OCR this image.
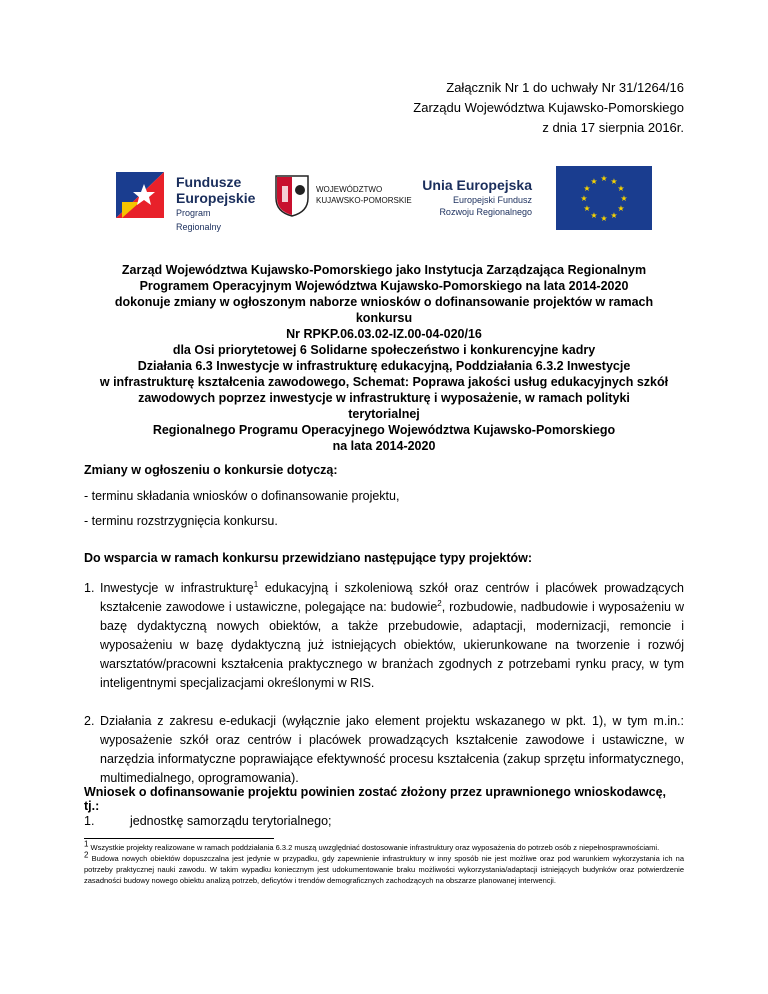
Załącznik Nr 1 do uchwały Nr 31/1264/16
Zarządu Województwa Kujawsko-Pomorskiego
z dnia 17 sierpnia 2016r.
Fundusze
Europejskie
Program Regionalny
WOJEWÓDZTWO
KUJAWSKO-POMORSKIE
Unia Europejska
Europejski Fundusz
Rozwoju Regionalnego
★ ★
★
★
★
★
★
★
★
★
★
★
Zarząd Województwa Kujawsko-Pomorskiego jako Instytucja Zarządzająca Regionalnym
Programem Operacyjnym Województwa Kujawsko-Pomorskiego na lata 2014-2020
dokonuje zmiany w ogłoszonym naborze wniosków o dofinansowanie projektów w ramach
konkursu
Nr RPKP.06.03.02-IZ.00-04-020/16
dla Osi priorytetowej 6 Solidarne społeczeństwo i konkurencyjne kadry
Działania 6.3 Inwestycje w infrastrukturę edukacyjną, Poddziałania 6.3.2 Inwestycje
w infrastrukturę kształcenia zawodowego, Schemat: Poprawa jakości usług edukacyjnych szkół
zawodowych poprzez inwestycje w infrastrukturę i wyposażenie, w ramach polityki
terytorialnej
Regionalnego Programu Operacyjnego Województwa Kujawsko-Pomorskiego
na lata 2014-2020
Zmiany w ogłoszeniu o konkursie dotyczą:
- terminu składania wniosków o dofinansowanie projektu,
- terminu rozstrzygnięcia konkursu.
Do wsparcia w ramach konkursu przewidziano następujące typy projektów:
1. Inwestycje w infrastrukturę$^1$ edukacyjną i szkoleniową szkół oraz centrów i placówek prowadzących kształcenie zawodowe i ustawiczne, polegające na: budowie$^2$, rozbudowie, nadbudowie i wyposażeniu w bazę dydaktyczną nowych obiektów, a także przebudowie, adaptacji, modernizacji, remoncie i wyposażeniu w bazę dydaktyczną już istniejących obiektów, ukierunkowane na tworzenie i rozwój warsztatów/pracowni kształcenia praktycznego w branżach zgodnych z potrzebami rynku pracy, w tym inteligentnymi specjalizacjami określonymi w RIS.
2. Działania z zakresu e-edukacji (wyłącznie jako element projektu wskazanego w pkt. 1), w tym m.in.: wyposażenie szkół oraz centrów i placówek prowadzących kształcenie zawodowe i ustawiczne, w narzędzia informatyczne poprawiające efektywność procesu kształcenia (zakup sprzętu informatycznego, multimedialnego, oprogramowania).
Wniosek o dofinansowanie projektu powinien zostać złożony przez uprawnionego wnioskodawcę, tj.:
1.	jednostkę samorządu terytorialnego;
$^1$ Wszystkie projekty realizowane w ramach poddziałania 6.3.2 muszą uwzględniać dostosowanie infrastruktury oraz wyposażenia do potrzeb osób z niepełnosprawnościami.
$^2$ Budowa nowych obiektów dopuszczalna jest jedynie w przypadku, gdy zapewnienie infrastruktury w inny sposób nie jest możliwe oraz pod warunkiem wykorzystania ich na potrzeby praktycznej nauki zawodu. W takim wypadku koniecznym jest udokumentowanie braku możliwości wykorzystania/adaptacji istniejących budynków oraz potwierdzenie zasadności budowy nowego obiektu analizą potrzeb, deficytów i trendów demograficznych zachodzących na obszarze planowanej interwencji.
